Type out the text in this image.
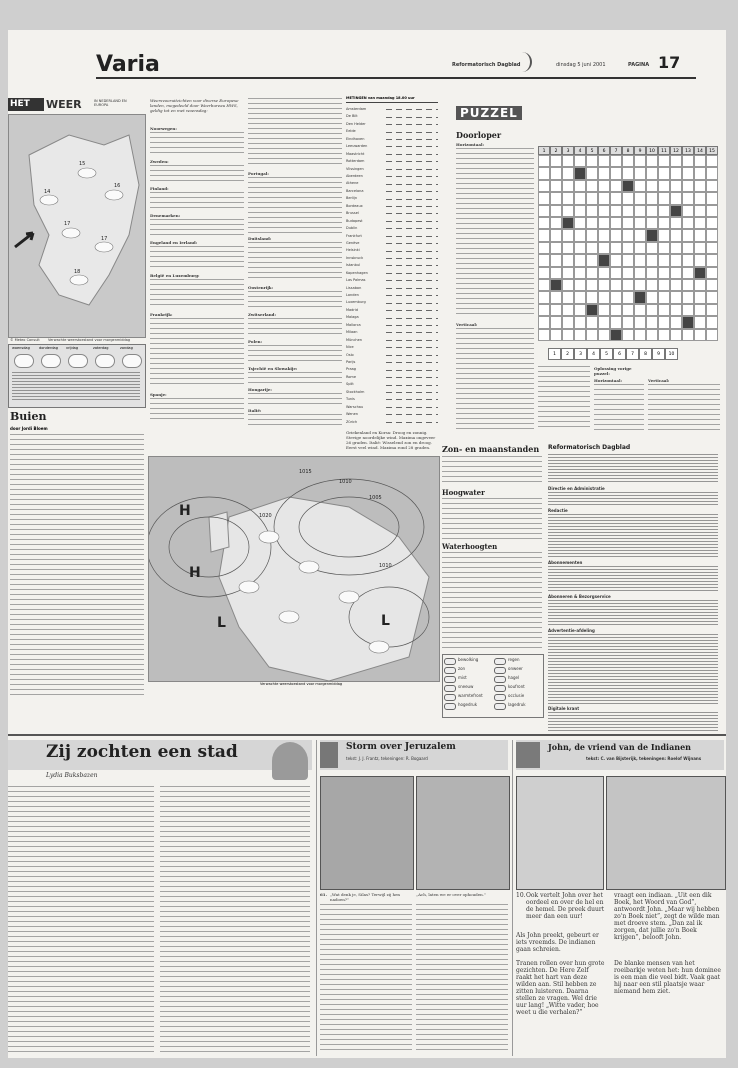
Varia	Reformatorisch Dagblad	dinsdag 5 juni 2001	PAGINA 17
HET	WEER	IN NEDERLAND EN EUROPA
15
16
17
17
14
18
© Meteo Consult Verwachte weerstoestand voor morgenmiddag
woensdag	donderdag vrijdag	zaterdag	zondag
Buien
door Jordi Bloem
Weersvooruitzichten voor diverse Europese landen, megedeeld door Weerbureau HWS, geldig tot en met woensdag:
Noorwegen:
Zweden:
Finland:
Denemarken:
Engeland en Ierland:
België en Luxemburg:
Frankrijk:
Spanje:
Portugal:
Duitsland:
Oostenrijk:
Zwitserland:
Polen:
Tsjechië en Slowakije:
Hongarije:
Italië:
METINGEN van maandag 18.00 uur
Amsterdam
De Bilt
Den Helder
Eelde
Eindhoven
Leeuwarden
Maastricht
Rotterdam
Vlissingen
Aberdeen
Athene
Barcelona
Berlijn
Bordeaux
Brussel
Budapest
Dublin
Frankfurt
Genève
Helsinki
Innsbruck
Istanbul
Kopenhagen
Las Palmas
Lissabon
Londen
Luxemburg
Madrid
Malaga
Mallorca
Milaan
München
Nice
Oslo
Parijs
Praag
Rome
Split
Stockholm
Tunis
Warschau
Wenen
Zürich
Griekenland en Korsa: Droog en zonnig. Stevige noordelijke wind. Maxima ongeveer 26 graden. Italië: Wisselend zon en droog. Eerst veel wind. Maxima rond 28 graden.
H
H
L	L
1015
1010
1005
1020
1010
Verwachte weerstoestand voor morgenmiddag
Zon- en maanstanden
Hoogwater
Waterhoogten
bewolking	regen
zon	onweer
mist	hagel
sneeuw	koufront
warmtefront	occlusie
hogedruk	lagedruk
PUZZEL
Doorloper
Horizontaal:
Verticaal:
1	2	3	4	5	6	7	8	9	10	11	12	13	14	15
1	2	3	4	5	6	7	8	9	10
Oplossing vorige puzzel:
Horizontaal:	Verticaal:
Reformatorisch Dagblad
Directie en Administratie
Redactie
Abonnementen
Abonneren & Bezorgservice
Advertentie-afdeling
Digitale krant
Zij zochten een stad
Lydia Buksbazen
Storm over Jeruzalem
tekst: J. J. Frantz, tekeningen: R. Bogaard
61. „Wat denk je, Silas? Terwijl zij hen nadoen?”
„Ach, laten we er over ophouden.”
John, de vriend van de Indianen
tekst: C. van Bijsterijk, tekeningen: Roelof Wijnans
10. Ook vertelt John over het oordeel en over de hel en de hemel. De preek duurt meer dan een uur!
Als John preekt, gebeurt er iets vreemds. De indianen gaan schreien.
Tranen rollen over hun grote gezichten. De Here Zelf raakt het hart van deze wilden aan. Stil hebben ze zitten luisteren. Daarna stellen ze vragen. Wel drie uur lang! „Witte vader, hoe weet u die verhalen?”
vraagt een indiaan. „Uit een dik Boek, het Woord van God”, antwoordt John. „Maar wij hebben zo'n Boek niet”, zegt de wilde man met droeve stem. „Dan zal ik zorgen, dat jullie zo'n Boek krijgen”, belooft John.
De blanke mensen van het roeibarkje weten het: hun dominee is een man die veel bidt. Vaak gaat hij naar een stil plaatsje waar niemand hem ziet.
